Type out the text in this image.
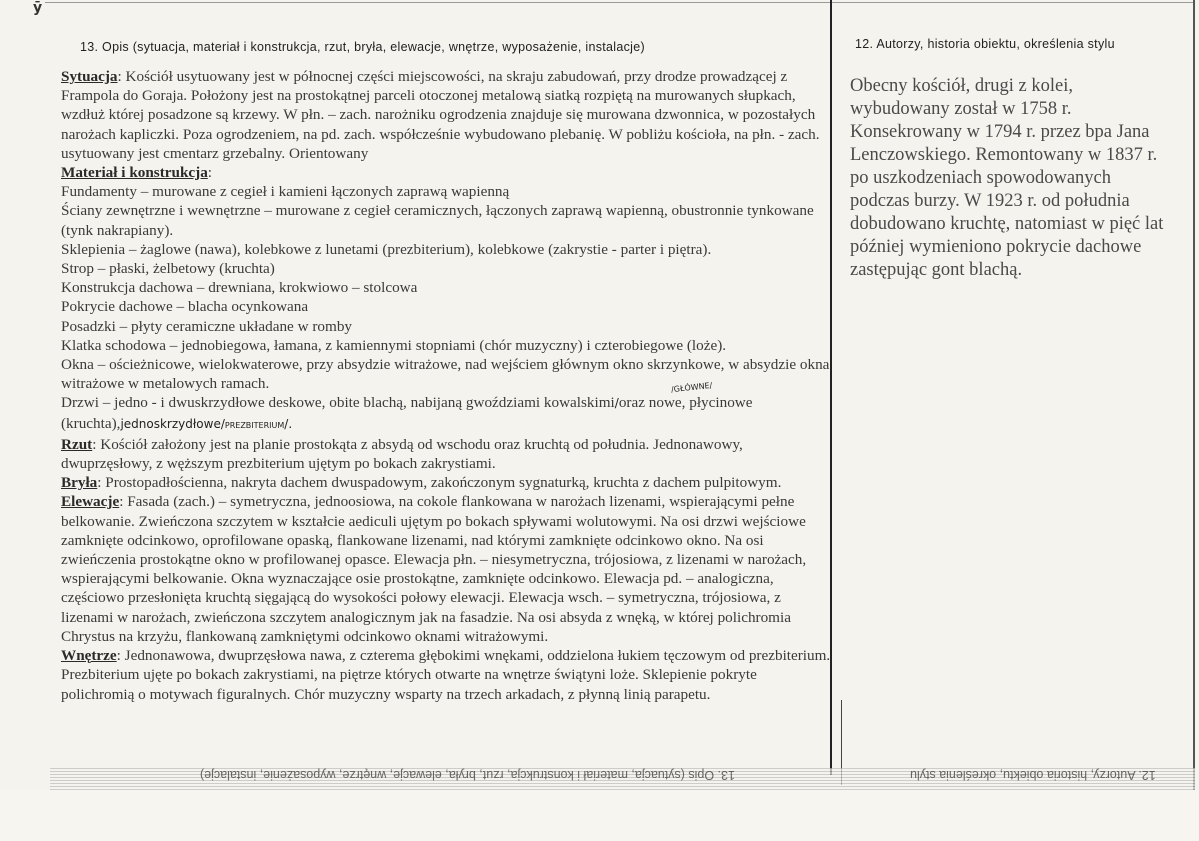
ȳ
13. Opis (sytuacja, materiał i konstrukcja, rzut, bryła, elewacje, wnętrze, wyposażenie, instalacje)	12. Autorzy, historia obiektu, określenia stylu

Sytuacja: Kościół usytuowany jest w północnej części miejscowości, na skraju zabudowań, przy drodze prowadzącej z Frampola do Goraja. Położony jest na prostokątnej parceli otoczonej metalową siatką rozpiętą na murowanych słupkach, wzdłuż której posadzone są krzewy. W płn. – zach. narożniku ogrodzenia znajduje się murowana dzwonnica, w pozostałych narożach kapliczki. Poza ogrodzeniem, na pd. zach. współcześnie wybudowano plebanię. W pobliżu kościoła, na płn. - zach. usytuowany jest cmentarz grzebalny. Orientowany

Materiał i konstrukcja:

Fundamenty – murowane z cegieł i kamieni łączonych zaprawą wapienną

Ściany zewnętrzne i wewnętrzne – murowane z cegieł ceramicznych, łączonych zaprawą wapienną, obustronnie tynkowane (tynk nakrapiany).

Sklepienia – żaglowe (nawa), kolebkowe z lunetami (prezbiterium), kolebkowe (zakrystie - parter i piętra).

Strop – płaski, żelbetowy (kruchta)

Konstrukcja dachowa – drewniana, krokwiowo – stolcowa

Pokrycie dachowe – blacha ocynkowana

Posadzki – płyty ceramiczne układane w romby

Klatka schodowa – jednobiegowa, łamana, z kamiennymi stopniami (chór muzyczny) i czterobiegowe (loże).

Okna – ościeżnicowe, wielokwaterowe, przy absydzie witrażowe, nad wejściem głównym okno skrzynkowe, w absydzie okna witrażowe w metalowych ramach.

Drzwi – jedno - i dwuskrzydłowe deskowe, obite blachą, nabijaną gwoździami kowalskimi/oraz nowe, płycinowe (kruchta),jednoskrzydłowe/PREZBITERIUM/.

Rzut: Kościół założony jest na planie prostokąta z absydą od wschodu oraz kruchtą od południa. Jednonawowy, dwuprzęsłowy, z węższym prezbiterium ujętym po bokach zakrystiami.

Bryła: Prostopadłościenna, nakryta dachem dwuspadowym, zakończonym sygnaturką, kruchta z dachem pulpitowym.

Elewacje: Fasada (zach.) – symetryczna, jednoosiowa, na cokole flankowana w narożach lizenami, wspierającymi pełne belkowanie. Zwieńczona szczytem w kształcie aediculi ujętym po bokach spływami wolutowymi. Na osi drzwi wejściowe zamknięte odcinkowo, oprofilowane opaską, flankowane lizenami, nad którymi zamknięte odcinkowo okno. Na osi zwieńczenia prostokątne okno w profilowanej opasce. Elewacja płn. – niesymetryczna, trójosiowa, z lizenami w narożach, wspierającymi belkowanie. Okna wyznaczające osie prostokątne, zamknięte odcinkowo. Elewacja pd. – analogiczna, częściowo przesłonięta kruchtą sięgającą do wysokości połowy elewacji. Elewacja wsch. – symetryczna, trójosiowa, z lizenami w narożach, zwieńczona szczytem analogicznym jak na fasadzie. Na osi absyda z wnęką, w której polichromia Chrystus na krzyżu, flankowaną zamkniętymi odcinkowo oknami witrażowymi.

Wnętrze: Jednonawowa, dwuprzęsłowa nawa, z czterema głębokimi wnękami, oddzielona łukiem tęczowym od prezbiterium. Prezbiterium ujęte po bokach zakrystiami, na piętrze których otwarte na wnętrze świątyni loże. Sklepienie pokryte polichromią o motywach figuralnych. Chór muzyczny wsparty na trzech arkadach, z płynną linią parapetu.

/GŁÓWNE/
Obecny kościół, drugi z kolei, wybudowany został w 1758 r. Konsekrowany w 1794 r. przez bpa Jana Lenczowskiego. Remontowany w 1837 r. po uszkodzeniach spowodowanych podczas burzy. W 1923 r. od południa dobudowano kruchtę, natomiast w pięć lat później wymieniono pokrycie dachowe zastępując gont blachą.
13. Opis (sytuacja, materiał i konstrukcja, rzut, bryła, elewacje, wnętrze, wyposażenie, instalacje)	12. Autorzy, historia obiektu, określenia stylu
